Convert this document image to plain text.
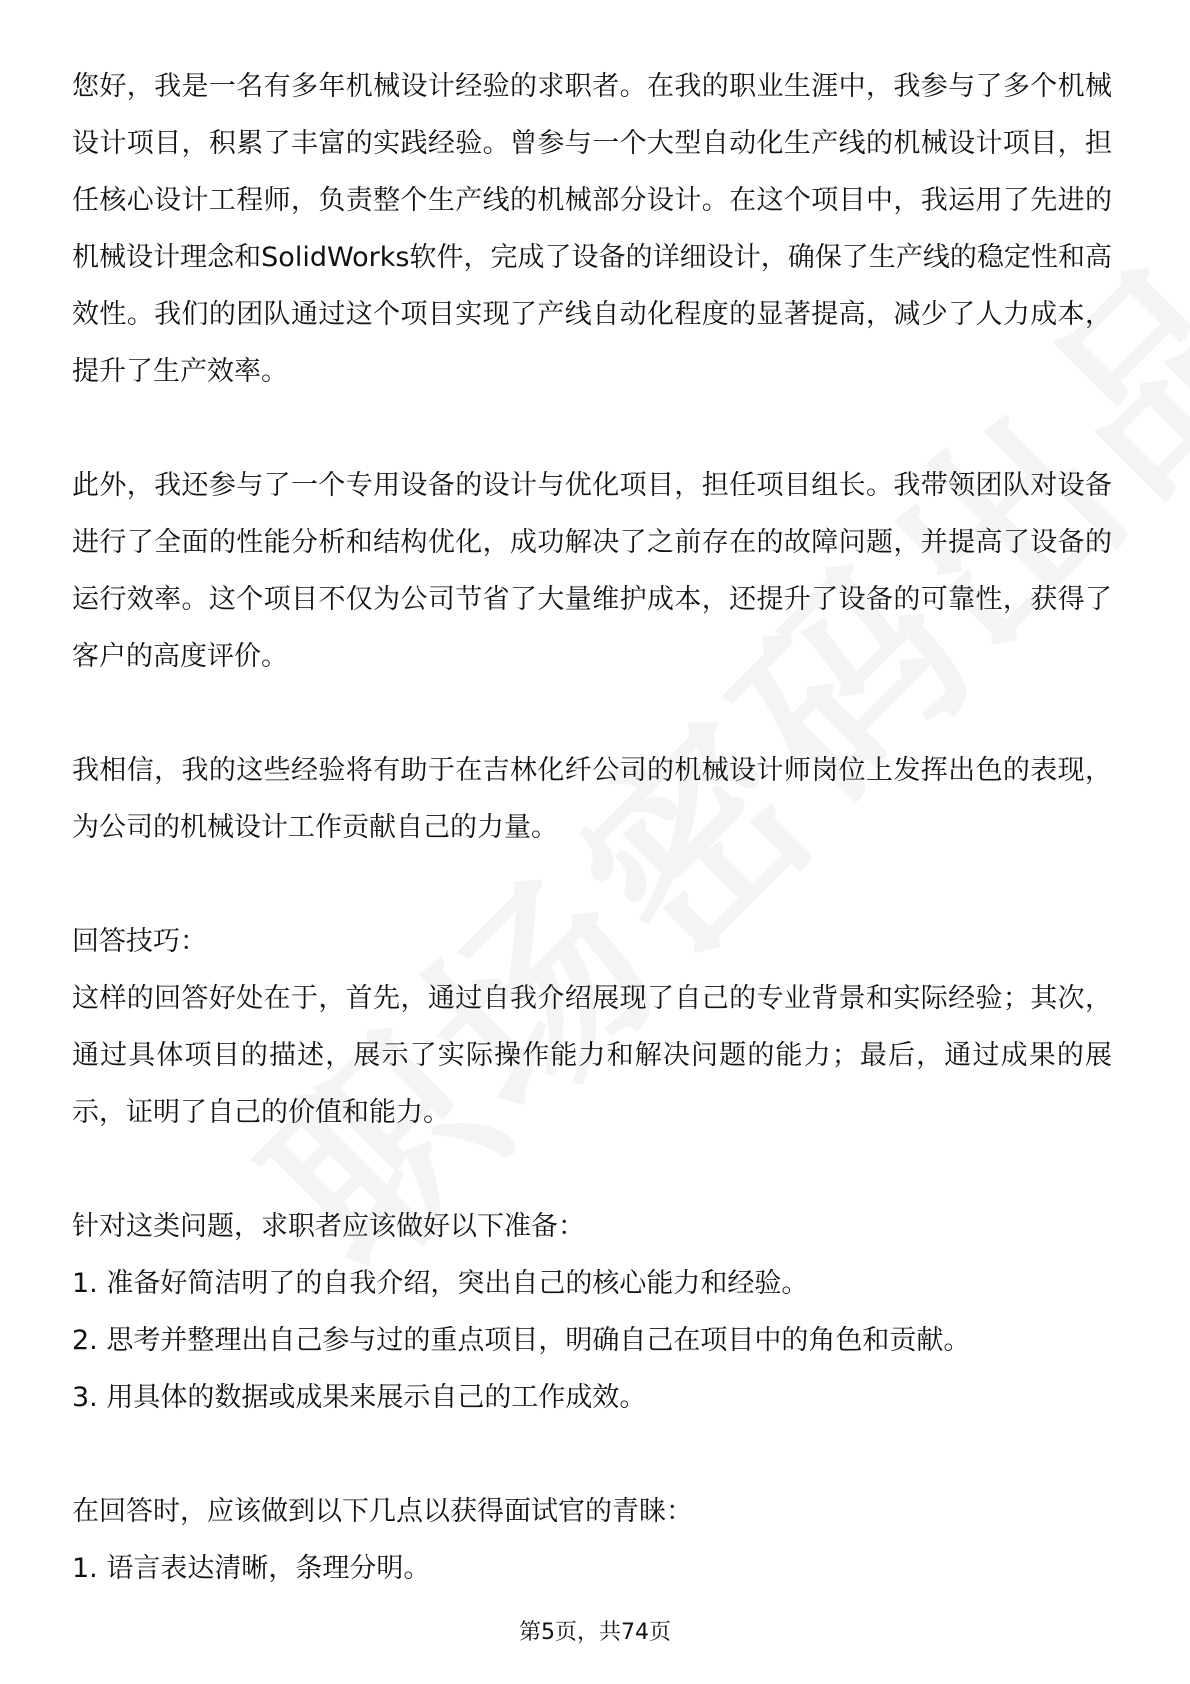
您好，我是一名有多年机械设计经验的求职者。在我的职业生涯中，我参与了多个机械设计项目，积累了丰富的实践经验。曾参与一个大型自动化生产线的机械设计项目，担任核心设计工程师，负责整个生产线的机械部分设计。在这个项目中，我运用了先进的机械设计理念和SolidWorks软件，完成了设备的详细设计，确保了生产线的稳定性和高效性。我们的团队通过这个项目实现了产线自动化程度的显著提高，减少了人力成本，提升了生产效率。

此外，我还参与了一个专用设备的设计与优化项目，担任项目组长。我带领团队对设备进行了全面的性能分析和结构优化，成功解决了之前存在的故障问题，并提高了设备的运行效率。这个项目不仅为公司节省了大量维护成本，还提升了设备的可靠性，获得了客户的高度评价。

我相信，我的这些经验将有助于在吉林化纤公司的机械设计师岗位上发挥出色的表现，为公司的机械设计工作贡献自己的力量。

回答技巧：

这样的回答好处在于，首先，通过自我介绍展现了自己的专业背景和实际经验；其次，通过具体项目的描述，展示了实际操作能力和解决问题的能力；最后，通过成果的展示，证明了自己的价值和能力。

针对这类问题，求职者应该做好以下准备：

1. 准备好简洁明了的自我介绍，突出自己的核心能力和经验。

2. 思考并整理出自己参与过的重点项目，明确自己在项目中的角色和贡献。

3. 用具体的数据或成果来展示自己的工作成效。

在回答时，应该做到以下几点以获得面试官的青睐：

1. 语言表达清晰，条理分明。

第5页，共74页
